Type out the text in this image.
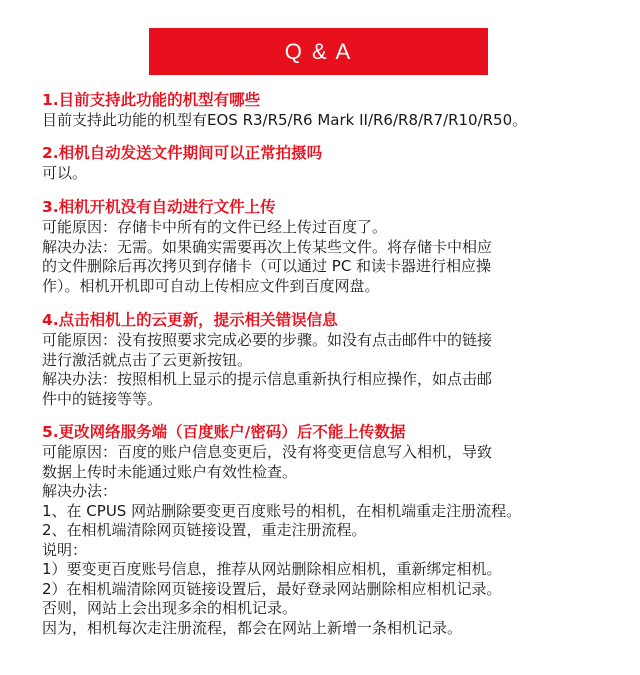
Q & A

1.目前支持此功能的机型有哪些

目前支持此功能的机型有EOS R3/R5/R6 Mark II/R6/R8/R7/R10/R50。

2.相机自动发送文件期间可以正常拍摄吗

可以。

3.相机开机没有自动进行文件上传

可能原因：存储卡中所有的文件已经上传过百度了。

解决办法：无需。如果确实需要再次上传某些文件。将存储卡中相应

的文件删除后再次拷贝到存储卡（可以通过 PC 和读卡器进行相应操

作）。相机开机即可自动上传相应文件到百度网盘。

4.点击相机上的云更新，提示相关错误信息

可能原因：没有按照要求完成必要的步骤。如没有点击邮件中的链接

进行激活就点击了云更新按钮。

解决办法：按照相机上显示的提示信息重新执行相应操作，如点击邮

件中的链接等等。

5.更改网络服务端（百度账户/密码）后不能上传数据

可能原因：百度的账户信息变更后，没有将变更信息写入相机，导致

数据上传时未能通过账户有效性检查。

解决办法：

1、在 CPUS 网站删除要变更百度账号的相机，在相机端重走注册流程。

2、在相机端清除网页链接设置，重走注册流程。

说明：

1）要变更百度账号信息，推荐从网站删除相应相机，重新绑定相机。

2）在相机端清除网页链接设置后，最好登录网站删除相应相机记录。

否则，网站上会出现多余的相机记录。

因为，相机每次走注册流程，都会在网站上新增一条相机记录。
